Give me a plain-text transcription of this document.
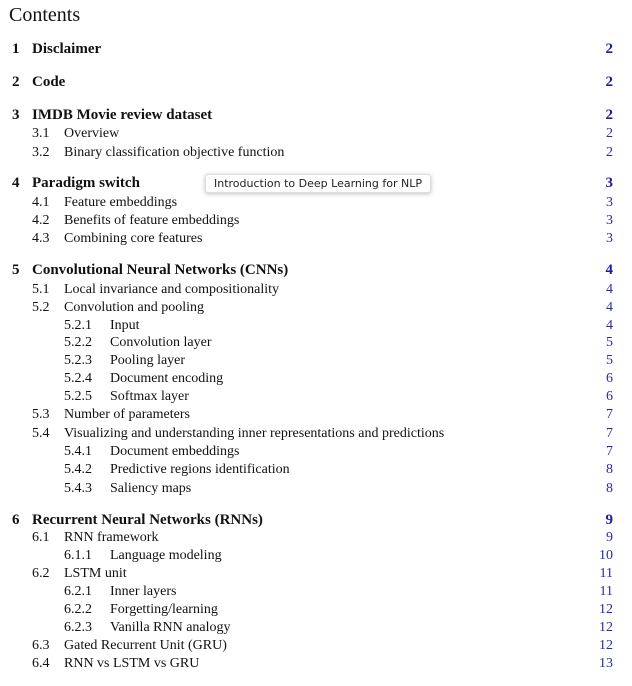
Contents
1 Disclaimer	2
2 Code	2
3 IMDB Movie review dataset	2
3.1	Overview	2
3.2	Binary classification objective function	2
4 Paradigm switch	3
4.1	Feature embeddings	3
4.2	Benefits of feature embeddings	3
4.3	Combining core features	3
5 Convolutional Neural Networks (CNNs)	4
5.1	Local invariance and compositionality	4
5.2	Convolution and pooling	4
5.2.1	Input	4
5.2.2	Convolution layer	5
5.2.3	Pooling layer	5
5.2.4	Document encoding	6
5.2.5	Softmax layer	6
5.3	Number of parameters	7
5.4	Visualizing and understanding inner representations and predictions	7
5.4.1	Document embeddings	7
5.4.2	Predictive regions identification	8
5.4.3	Saliency maps	8
6 Recurrent Neural Networks (RNNs)	9
6.1	RNN framework	9
6.1.1	Language modeling	10
6.2	LSTM unit	11
6.2.1	Inner layers	11
6.2.2	Forgetting/learning	12
6.2.3	Vanilla RNN analogy	12
6.3	Gated Recurrent Unit (GRU)	12
6.4	RNN vs LSTM vs GRU	13
Introduction to Deep Learning for NLP
